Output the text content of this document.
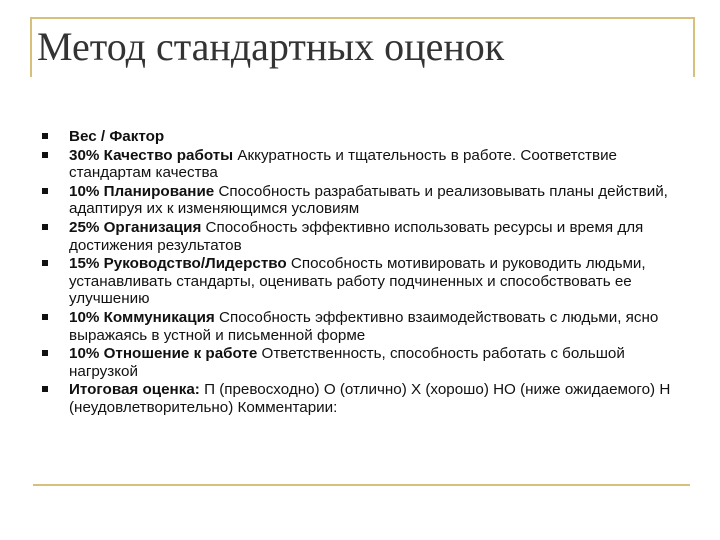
Метод стандартных оценок
Вес / Фактор
30% Качество работы Аккуратность и тщательность в работе. Соответствие стандартам качества
10% Планирование Способность разрабатывать и реализовывать планы действий, адаптируя их к изменяющимся условиям
25% Организация Способность эффективно использовать ресурсы и время для достижения результатов
15% Руководство/Лидерство Способность мотивировать и руководить людьми, устанавливать стандарты, оценивать работу подчиненных и способствовать ее улучшению
10% Коммуникация Способность эффективно взаимодействовать с людьми, ясно выражаясь в устной и письменной форме
10% Отношение к работе Ответственность, способность работать с большой нагрузкой
Итоговая оценка: П (превосходно) О (отлично) Х (хорошо) НО (ниже ожидаемого) Н (неудовлетворительно) Комментарии:
